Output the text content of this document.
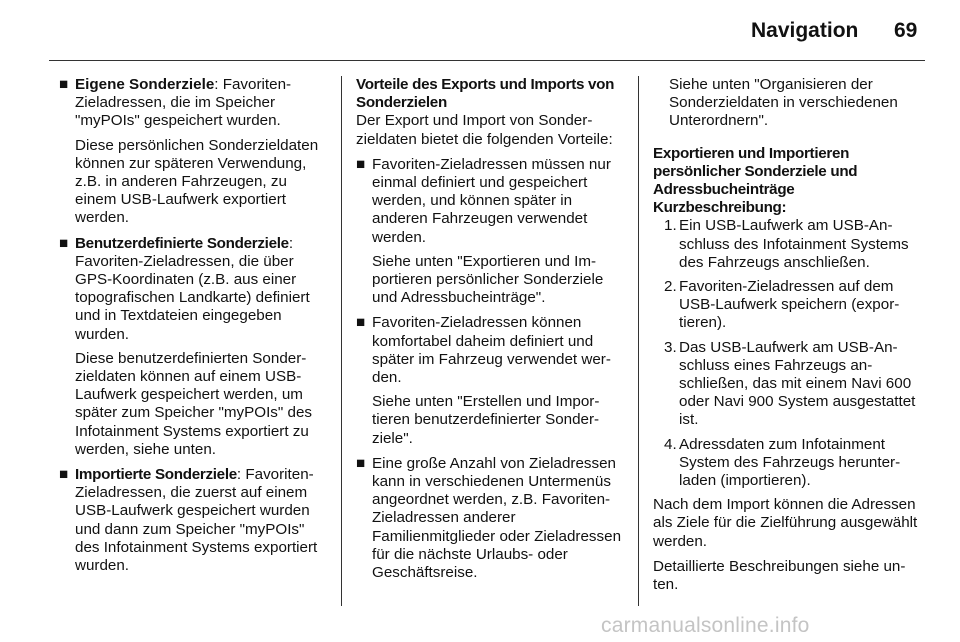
Navigation 69
■ Eigene Sonderziele: Favoriten-Zieladressen, die im Speicher "myPOIs" gespeichert wurden.

Diese persönlichen Sonderzieldaten können zur späteren Verwendung, z.B. in anderen Fahrzeugen, zu einem USB-Laufwerk exportiert werden.

■ Benutzerdefinierte Sonderziele: Favoriten-Zieladressen, die über GPS-Koordinaten (z.B. aus einer topografischen Landkarte) definiert und in Textdateien eingegeben wurden.

Diese benutzerdefinierten Sonderzieldaten können auf einem USB-Laufwerk gespeichert werden, um später zum Speicher "myPOIs" des Infotainment Systems exportiert zu werden, siehe unten.

■ Importierte Sonderziele: Favoriten-Zieladressen, die zuerst auf einem USB-Laufwerk gespeichert wurden und dann zum Speicher "myPOIs" des Infotainment Systems exportiert wurden.

Vorteile des Exports und Imports von Sonderzielen

Der Export und Import von Sonderzieldaten bietet die folgenden Vorteile:

■ Favoriten-Zieladressen müssen nur einmal definiert und gespeichert werden, und können später in anderen Fahrzeugen verwendet werden.

Siehe unten "Exportieren und Importieren persönlicher Sonderziele und Adressbucheinträge".

■ Favoriten-Zieladressen können komfortabel daheim definiert und später im Fahrzeug verwendet werden.

Siehe unten "Erstellen und Importieren benutzerdefinierter Sonderziele".

■ Eine große Anzahl von Zieladressen kann in verschiedenen Untermenüs angeordnet werden, z.B. Favoriten-Zieladressen anderer Familienmitglieder oder Zieladressen für die nächste Urlaubs- oder Geschäftsreise.

Siehe unten "Organisieren der Sonderzieldaten in verschiedenen Unterordnern".

Exportieren und Importieren persönlicher Sonderziele und Adressbucheinträge

Kurzbeschreibung:

1. Ein USB-Laufwerk am USB-Anschluss des Infotainment Systems des Fahrzeugs anschließen.

2. Favoriten-Zieladressen auf dem USB-Laufwerk speichern (exportieren).

3. Das USB-Laufwerk am USB-Anschluss eines Fahrzeugs anschließen, das mit einem Navi 600 oder Navi 900 System ausgestattet ist.

4. Adressdaten zum Infotainment System des Fahrzeugs herunterladen (importieren).

Nach dem Import können die Adressen als Ziele für die Zielführung ausgewählt werden.

Detaillierte Beschreibungen siehe unten.

carmanualsonline.info
